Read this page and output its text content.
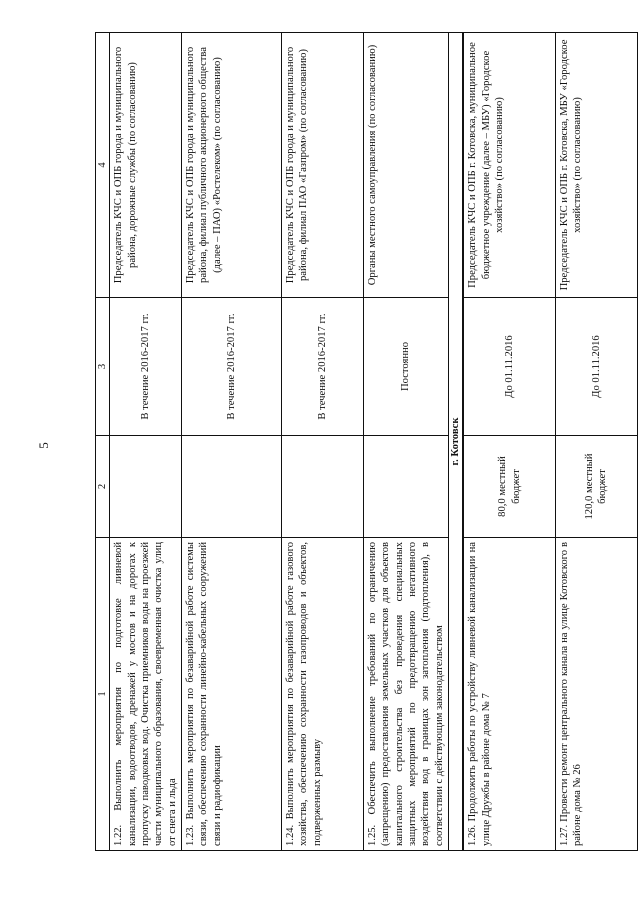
5
1	2	3	4
1.22. Выполнить мероприятия по подготовке ливневой канализации, водоотводов, дренажей у мостов и на дорогах к пропуску паводковых вод. Очистка приемников воды на проезжей части муниципального образования, своевременная очистка улиц от снега и льда		В течение 2016-2017 гг.	Председатель КЧС и ОПБ города и муниципального района, дорожные службы (по согласованию)
1.23. Выполнить мероприятия по безаварийной работе системы связи, обеспечению сохранности линейно-кабельных сооружений связи и радиофикации		В течение 2016-2017 гг.	Председатель КЧС и ОПБ города и муниципального района, филиал публичного акционерного общества (далее – ПАО) «Ростелеком» (по согласованию)
1.24. Выполнить мероприятия по безаварийной работе газового хозяйства, обеспечению сохранности газопроводов и объектов, подверженных размыву		В течение 2016-2017 гг.	Председатель КЧС и ОПБ города и муниципального района, филиал ПАО «Газпром» (по согласованию)
1.25. Обеспечить выполнение требований по ограничению (запрещению) предоставления земельных участков для объектов капитального строительства без проведения специальных защитных мероприятий по предотвращению негативного воздействия вод в границах зон затопления (подтопления), в соответствии с действующим законодательством		Постоянно	Органы местного самоуправления (по согласованию)
г. Котовск			
1.26. Продолжить работы по устройству ливневой канализации на улице Дружбы в районе дома № 7	80,0 местный бюджет	До 01.11.2016	Председатель КЧС и ОПБ г. Котовска, муниципальное бюджетное учреждение (далее – МБУ) «Городское хозяйство» (по согласованию)
1.27. Провести ремонт центрального канала на улице Котовского в районе дома № 26	120,0 местный бюджет	До 01.11.2016	Председатель КЧС и ОПБ г. Котовска, МБУ «Городское хозяйство» (по согласованию)
